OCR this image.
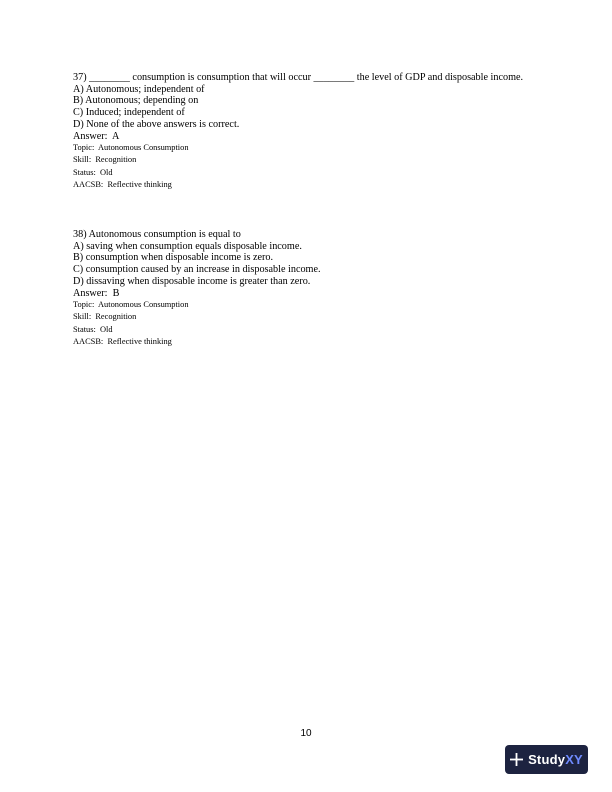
37) ________ consumption is consumption that will occur ________ the level of GDP and disposable income.
A) Autonomous; independent of
B) Autonomous; depending on
C) Induced; independent of
D) None of the above answers is correct.
Answer:  A
Topic:  Autonomous Consumption
Skill:  Recognition
Status:  Old
AACSB:  Reflective thinking
38) Autonomous consumption is equal to
A) saving when consumption equals disposable income.
B) consumption when disposable income is zero.
C) consumption caused by an increase in disposable income.
D) dissaving when disposable income is greater than zero.
Answer:  B
Topic:  Autonomous Consumption
Skill:  Recognition
Status:  Old
AACSB:  Reflective thinking
10
Study XY
